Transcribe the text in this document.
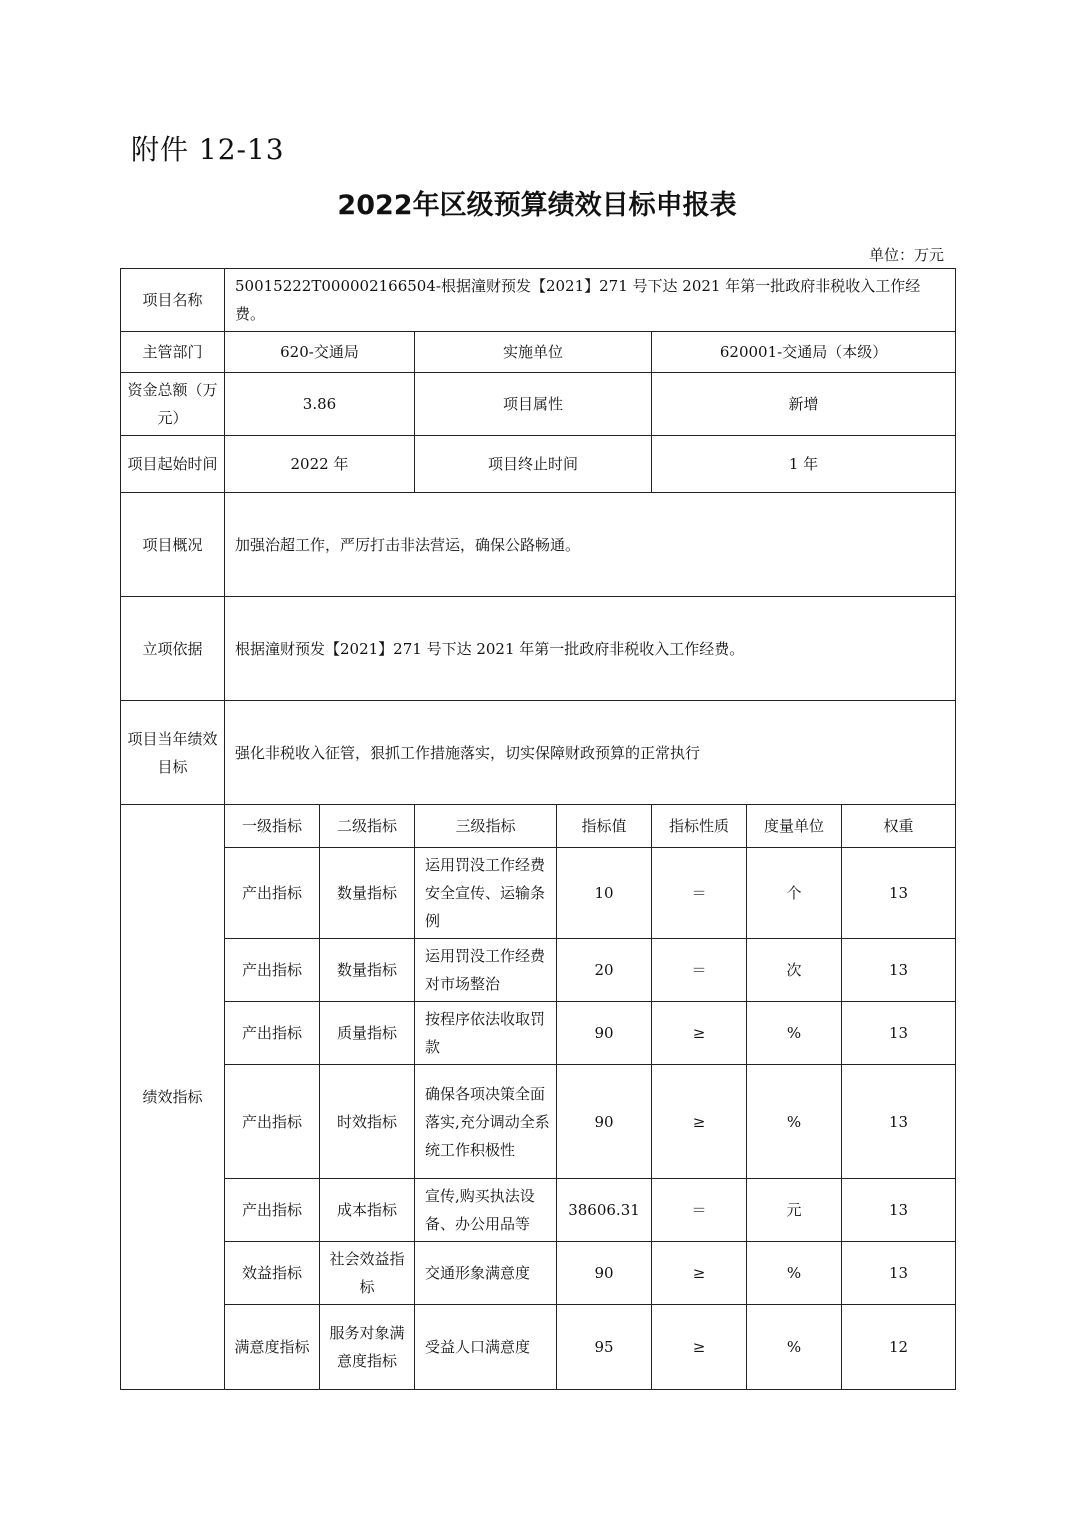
附件 12-13
2022年区级预算绩效目标申报表
单位：万元
项目名称	50015222T000002166504-根据潼财预发【2021】271 号下达 2021 年第一批政府非税收入工作经费。						
主管部门	620-交通局		实施单位		620001-交通局（本级）		
资金总额（万元）	3.86		项目属性		新增		
项目起始时间	2022 年		项目终止时间		1 年		
项目概况	加强治超工作，严厉打击非法营运，确保公路畅通。						
立项依据	根据潼财预发【2021】271 号下达 2021 年第一批政府非税收入工作经费。						
项目当年绩效目标	强化非税收入征管，狠抓工作措施落实，切实保障财政预算的正常执行						
绩效指标	一级指标	二级指标	三级指标	指标值	指标性质	度量单位	权重
	产出指标	数量指标	运用罚没工作经费安全宣传、运输条例	10	＝	个	13
	产出指标	数量指标	运用罚没工作经费对市场整治	20	＝	次	13
	产出指标	质量指标	按程序依法收取罚款	90	≥	%	13
	产出指标	时效指标	确保各项决策全面落实,充分调动全系统工作积极性	90	≥	%	13
	产出指标	成本指标	宣传,购买执法设备、办公用品等	38606.31	＝	元	13
	效益指标	社会效益指标	交通形象满意度	90	≥	%	13
	满意度指标	服务对象满意度指标	受益人口满意度	95	≥	%	12
